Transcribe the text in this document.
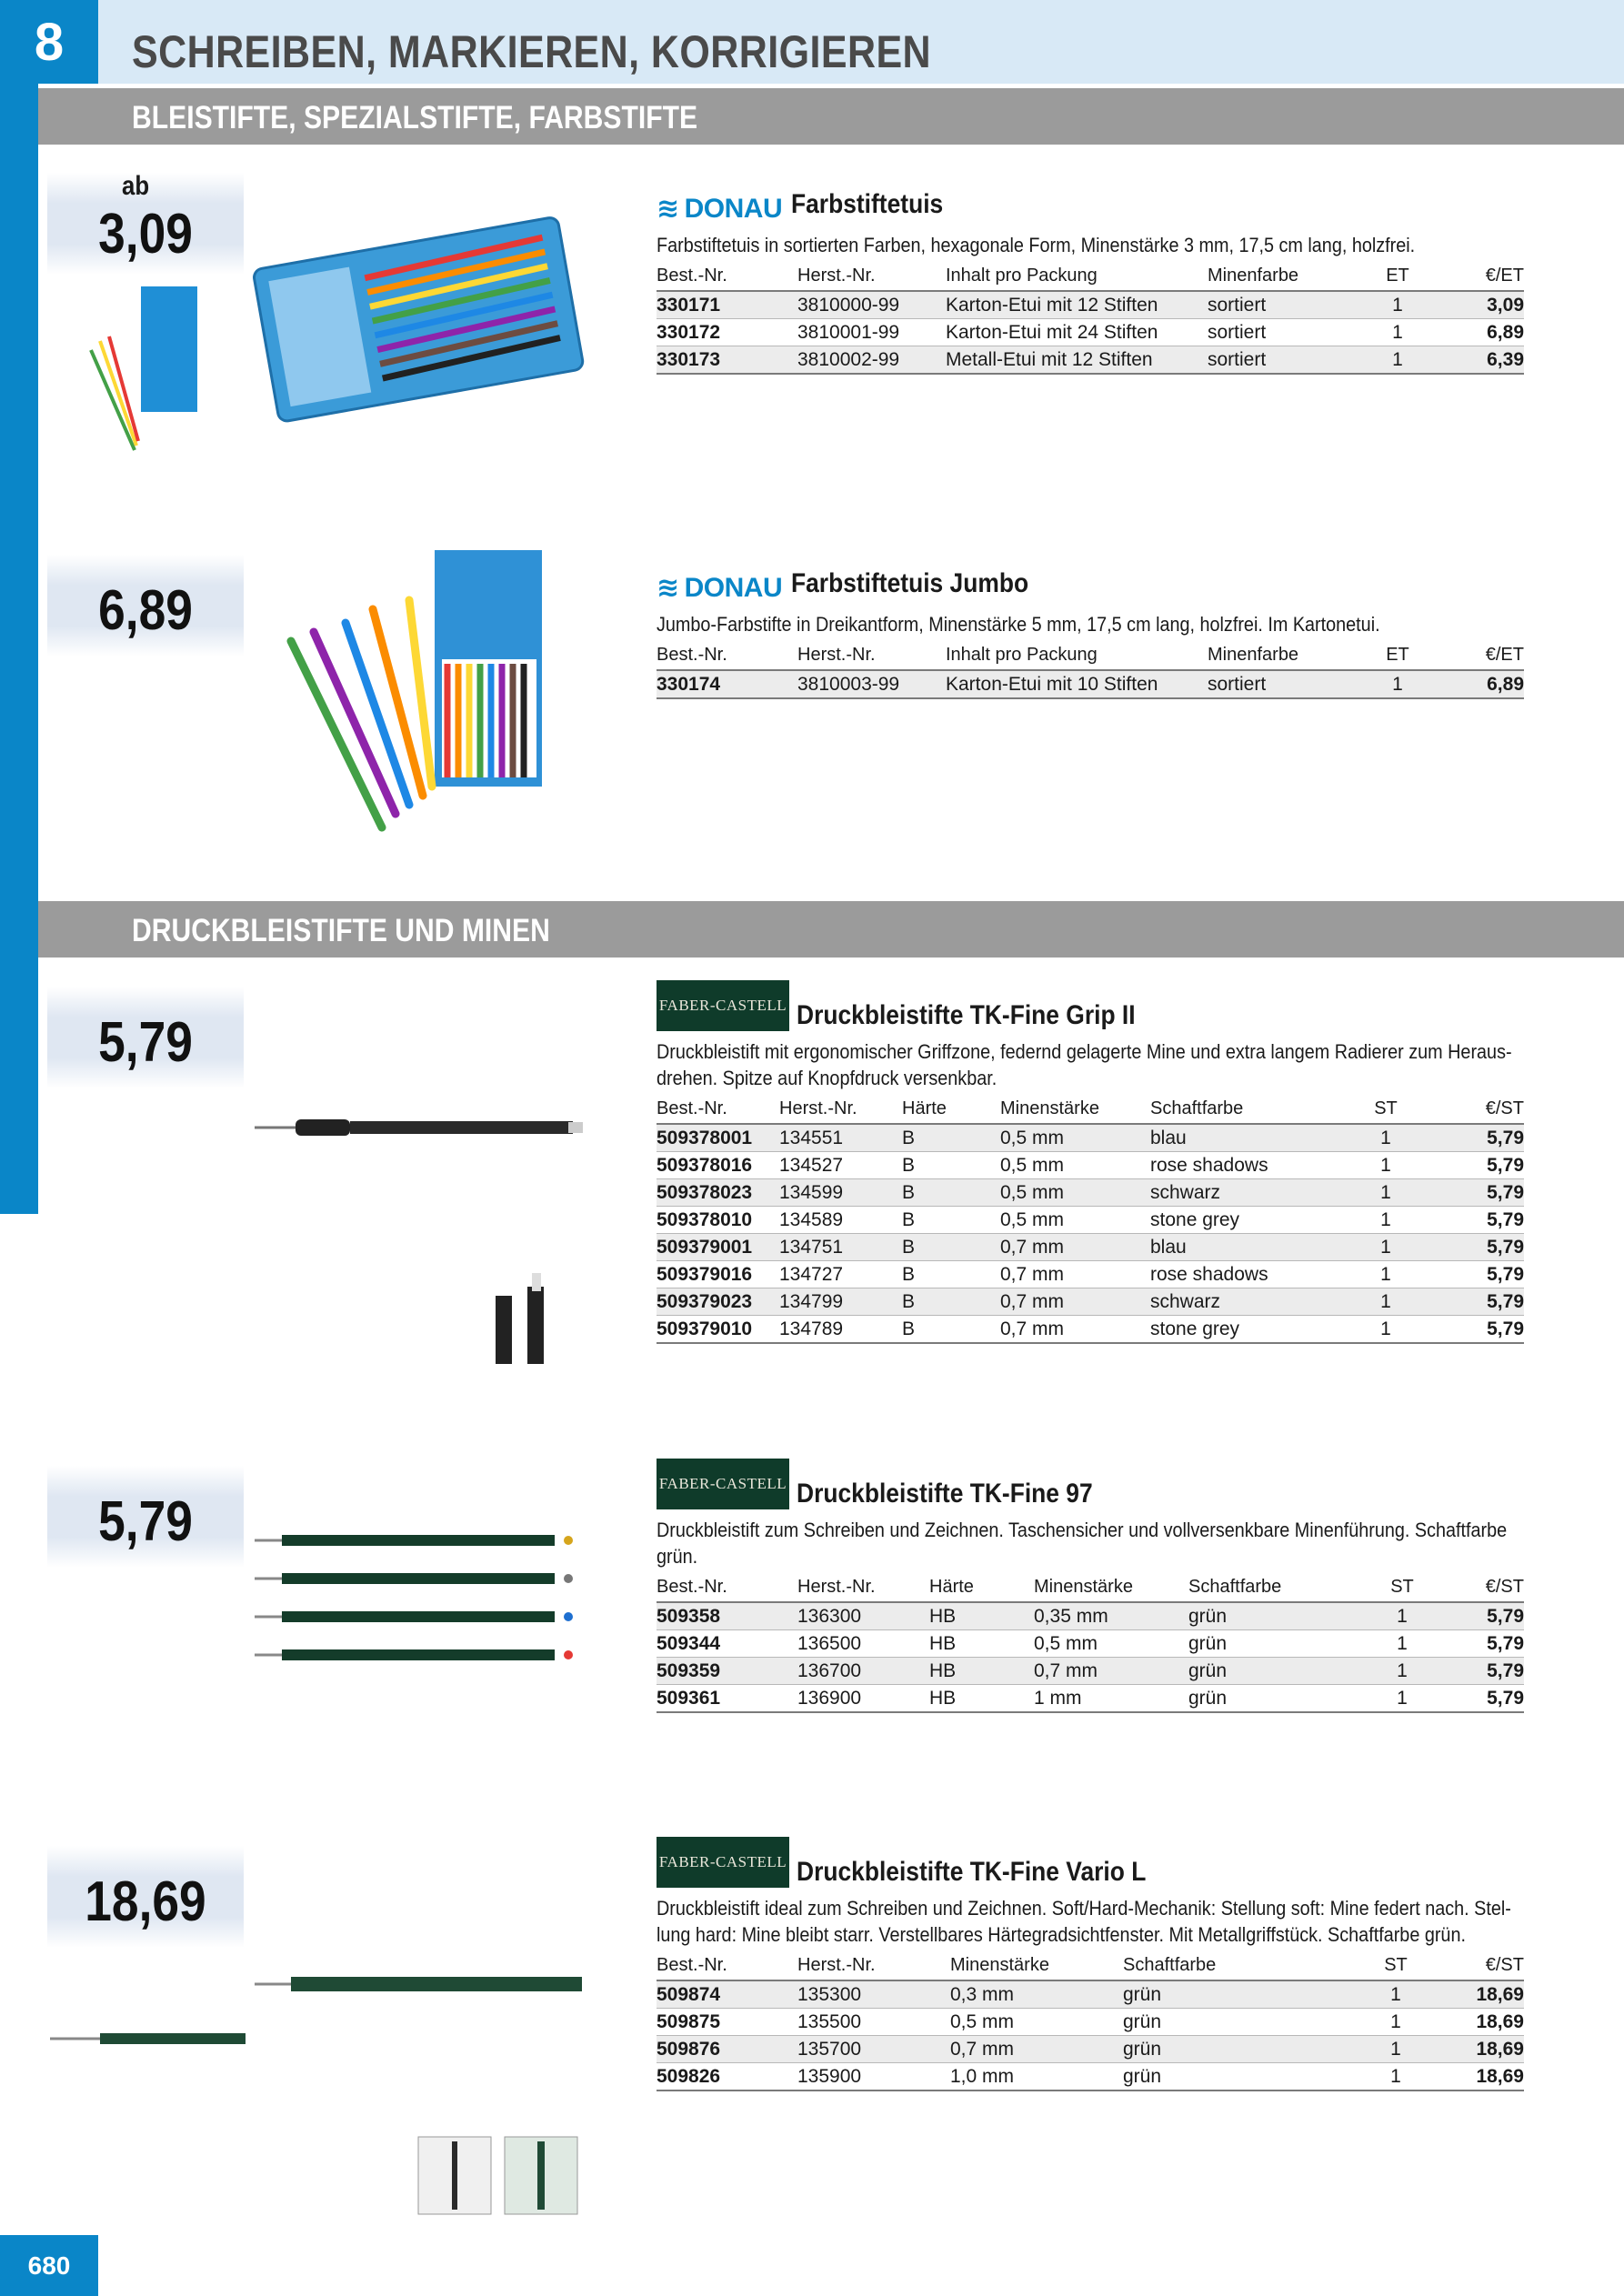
8	SCHREIBEN, MARKIEREN, KORRIGIEREN
BLEISTIFTE, SPEZIALSTIFTE, FARBSTIFTE
DRUCKBLEISTIFTE UND MINEN
ab
3,09
6,89
5,79
5,79
18,69
≋ DONAU Farbstiftetuis
Farbstiftetuis in sortierten Farben, hexagonale Form, Minenstärke 3 mm, 17,5 cm lang, holzfrei.
Best.-Nr.	Herst.-Nr.	Inhalt pro Packung	Minenfarbe	ET	€/ET
330171	3810000-99	Karton-Etui mit 12 Stiften	sortiert	1	3,09
330172	3810001-99	Karton-Etui mit 24 Stiften	sortiert	1	6,89
330173	3810002-99	Metall-Etui mit 12 Stiften	sortiert	1	6,39
≋ DONAU Farbstiftetuis Jumbo
Jumbo-Farbstifte in Dreikantform, Minenstärke 5 mm, 17,5 cm lang, holzfrei. Im Kartonetui.
Best.-Nr.	Herst.-Nr.	Inhalt pro Packung	Minenfarbe	ET	€/ET
330174	3810003-99	Karton-Etui mit 10 Stiften	sortiert	1	6,89
FABER-CASTELL Druckbleistifte TK-Fine Grip II
Druckbleistift mit ergonomischer Griffzone, federnd gelagerte Mine und extra langem Radierer zum Heraus-drehen. Spitze auf Knopfdruck versenkbar.
Best.-Nr.	Herst.-Nr.	Härte	Minenstärke	Schaftfarbe	ST	€/ST
509378001	134551	B	0,5 mm	blau	1	5,79
509378016	134527	B	0,5 mm	rose shadows	1	5,79
509378023	134599	B	0,5 mm	schwarz	1	5,79
509378010	134589	B	0,5 mm	stone grey	1	5,79
509379001	134751	B	0,7 mm	blau	1	5,79
509379016	134727	B	0,7 mm	rose shadows	1	5,79
509379023	134799	B	0,7 mm	schwarz	1	5,79
509379010	134789	B	0,7 mm	stone grey	1	5,79
FABER-CASTELL Druckbleistifte TK-Fine 97
Druckbleistift zum Schreiben und Zeichnen. Taschensicher und vollversenkbare Minenführung. Schaftfarbe grün.
Best.-Nr.	Herst.-Nr.	Härte	Minenstärke	Schaftfarbe	ST	€/ST
509358	136300	HB	0,35 mm	grün	1	5,79
509344	136500	HB	0,5 mm	grün	1	5,79
509359	136700	HB	0,7 mm	grün	1	5,79
509361	136900	HB	1 mm	grün	1	5,79
FABER-CASTELL Druckbleistifte TK-Fine Vario L
Druckbleistift ideal zum Schreiben und Zeichnen. Soft/Hard-Mechanik: Stellung soft: Mine federt nach. Stel-lung hard: Mine bleibt starr. Verstellbares Härtegradsichtfenster. Mit Metallgriffstück. Schaftfarbe grün.
Best.-Nr.	Herst.-Nr.	Minenstärke	Schaftfarbe	ST	€/ST
509874	135300	0,3 mm	grün	1	18,69
509875	135500	0,5 mm	grün	1	18,69
509876	135700	0,7 mm	grün	1	18,69
509826	135900	1,0 mm	grün	1	18,69
680
